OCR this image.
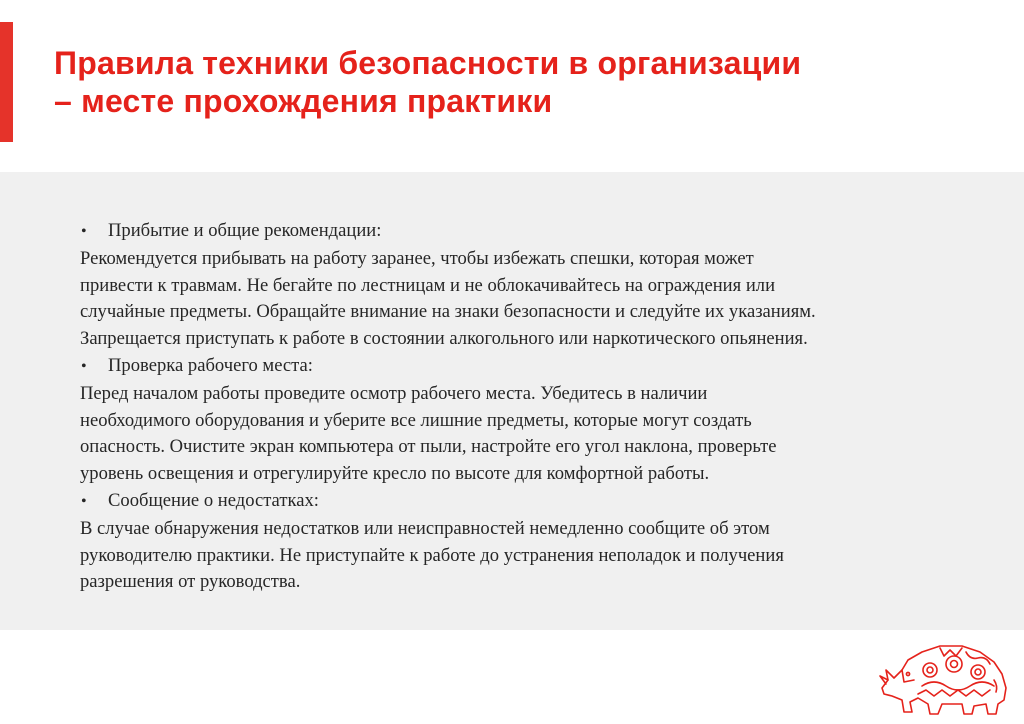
Правила техники безопасности в организации
– месте прохождения практики
•	Прибытие и общие рекомендации:
Рекомендуется прибывать на работу заранее, чтобы избежать спешки, которая может
привести к травмам. Не бегайте по лестницам и не облокачивайтесь на ограждения или
случайные предметы. Обращайте внимание на знаки безопасности и следуйте их указаниям.
Запрещается приступать к работе в состоянии алкогольного или наркотического опьянения.
•	Проверка рабочего места:
Перед началом работы проведите осмотр рабочего места. Убедитесь в наличии
необходимого оборудования и уберите все лишние предметы, которые могут создать
опасность. Очистите экран компьютера от пыли, настройте его угол наклона, проверьте
уровень освещения и отрегулируйте кресло по высоте для комфортной работы.
•	Сообщение о недостатках:
В случае обнаружения недостатков или неисправностей немедленно сообщите об этом
руководителю практики. Не приступайте к работе до устранения неполадок и получения
разрешения от руководства.
